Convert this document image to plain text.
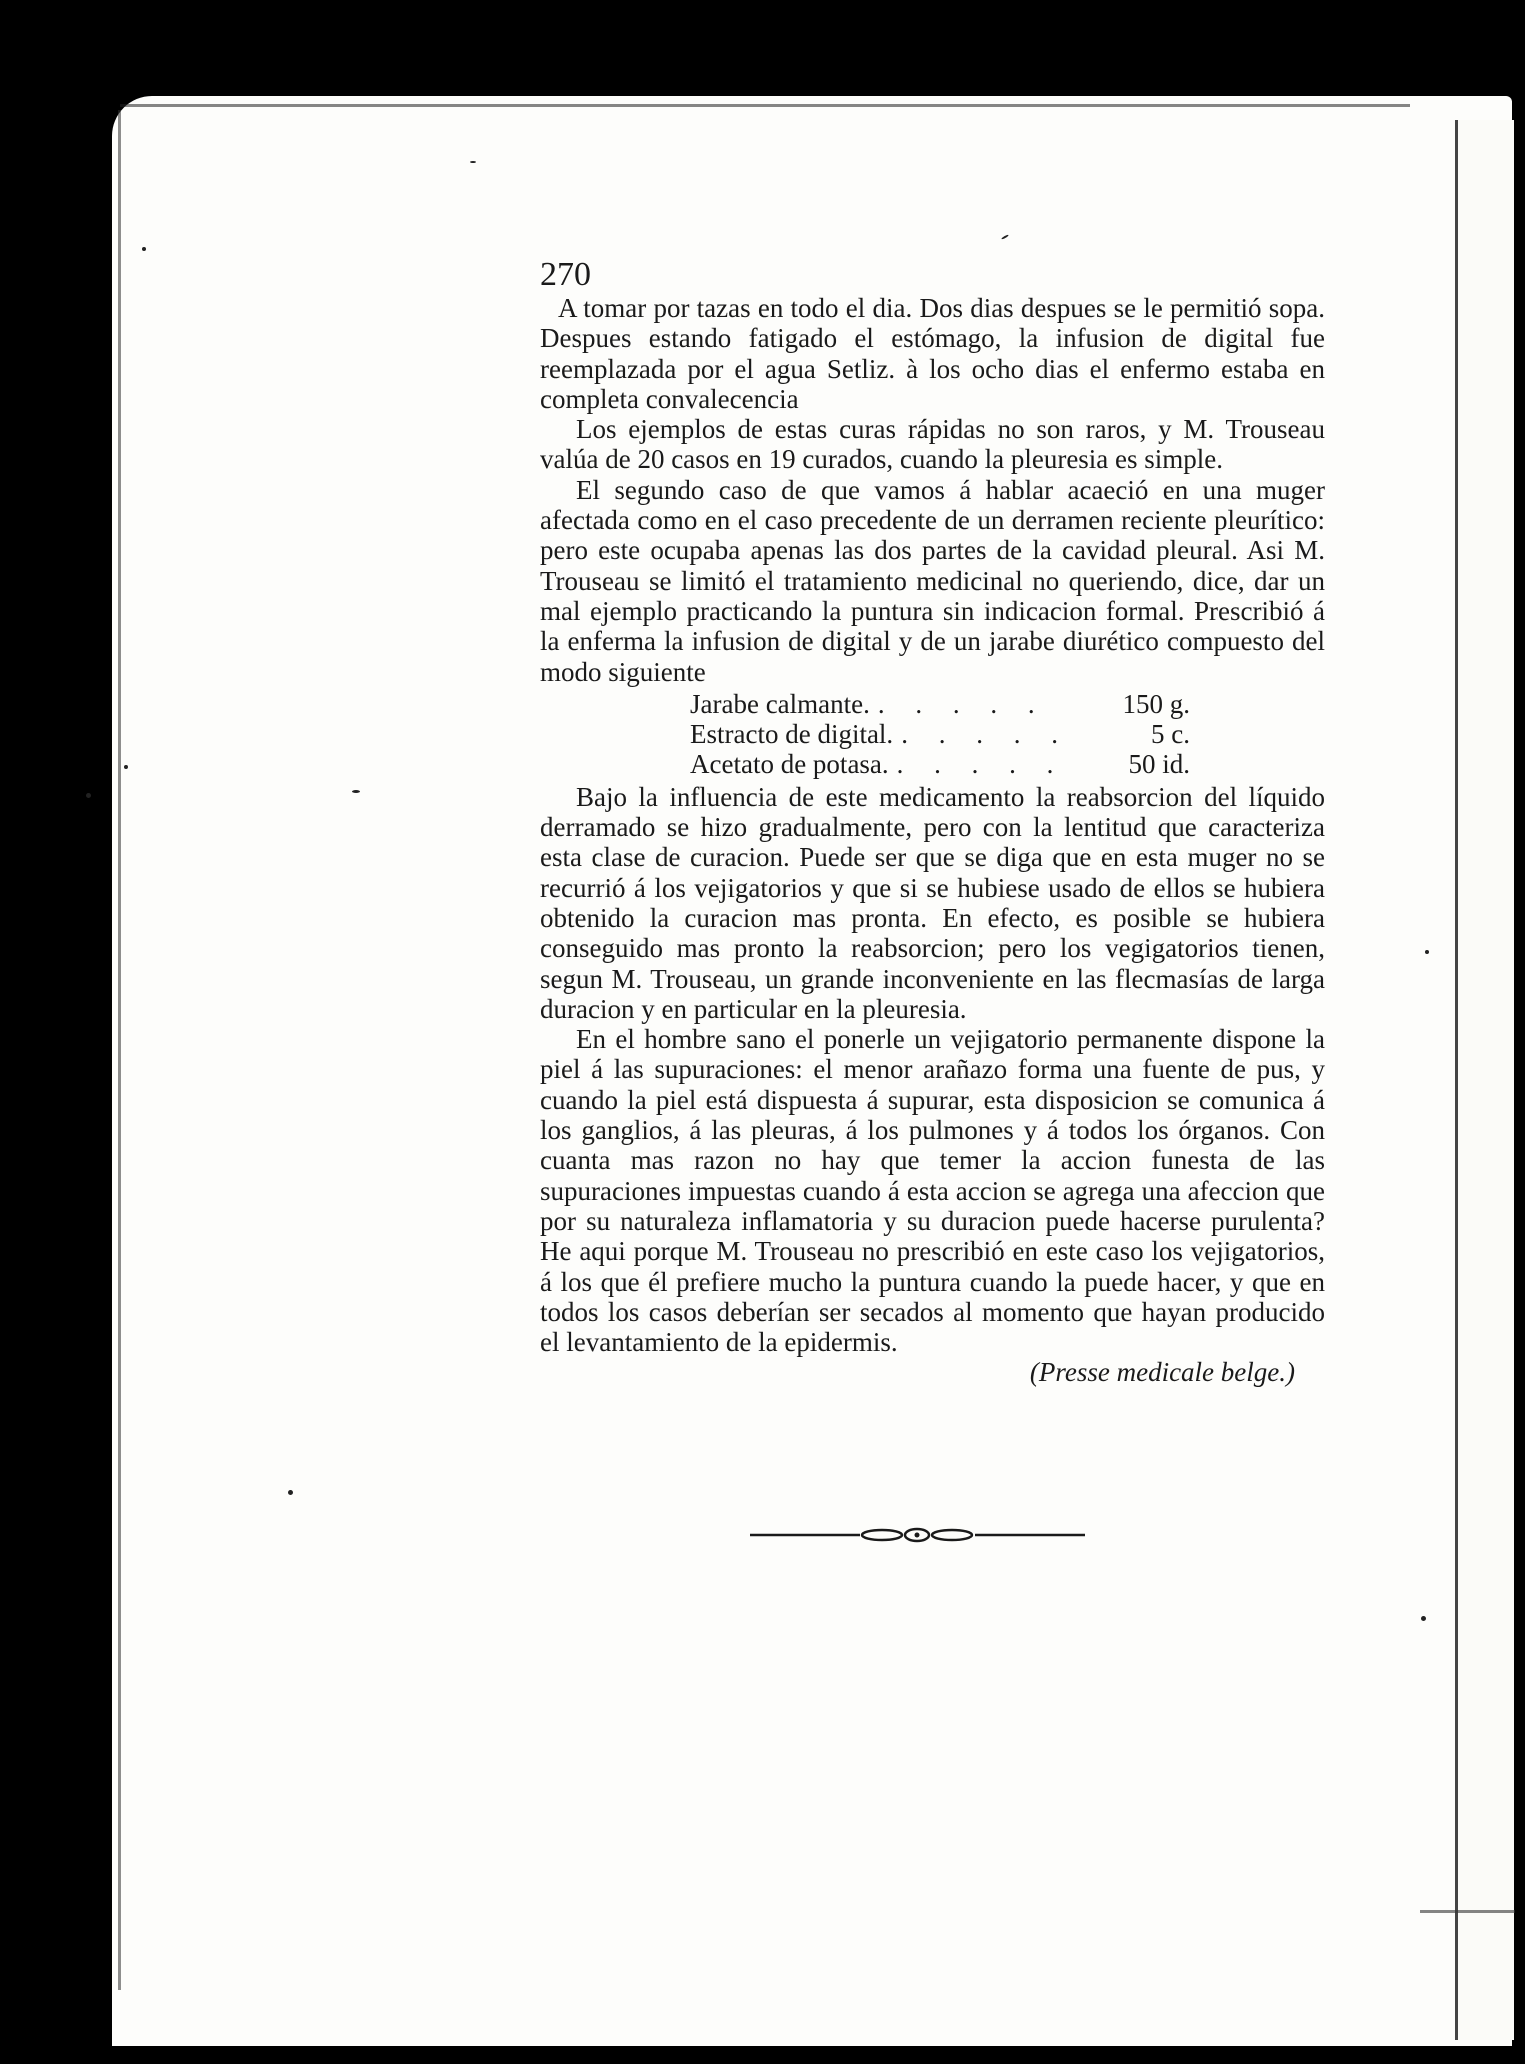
270

A tomar por tazas en todo el dia. Dos dias despues se le permitió sopa. Despues estando fatigado el estómago, la infusion de digital fue reemplazada por el agua Setliz. à los ocho dias el enfermo estaba en completa convalecencia

Los ejemplos de estas curas rápidas no son raros, y M. Trouseau valúa de 20 casos en 19 curados, cuando la pleuresia es simple.

El segundo caso de que vamos á hablar acaeció en una muger afectada como en el caso precedente de un derramen reciente pleurítico: pero este ocupaba apenas las dos partes de la cavidad pleural. Asi M. Trouseau se limitó el tratamiento medicinal no queriendo, dice, dar un mal ejemplo practicando la puntura sin indicacion formal. Prescribió á la enferma la infusion de digital y de un jarabe diurético compuesto del modo siguiente

Jarabe calmante. . . . . .	150 g.
Estracto de digital. . . . . .	5 c.
Acetato de potasa. . . . . .	50 id.

Bajo la influencia de este medicamento la reabsorcion del líquido derramado se hizo gradualmente, pero con la lentitud que caracteriza esta clase de curacion. Puede ser que se diga que en esta muger no se recurrió á los vejigatorios y que si se hubiese usado de ellos se hubiera obtenido la curacion mas pronta. En efecto, es posible se hubiera conseguido mas pronto la reabsorcion; pero los vegigatorios tienen, segun M. Trouseau, un grande inconveniente en las flecmasías de larga duracion y en particular en la pleuresia.

En el hombre sano el ponerle un vejigatorio permanente dispone la piel á las supuraciones: el menor arañazo forma una fuente de pus, y cuando la piel está dispuesta á supurar, esta disposicion se comunica á los ganglios, á las pleuras, á los pulmones y á todos los órganos. Con cuanta mas razon no hay que temer la accion funesta de las supuraciones impuestas cuando á esta accion se agrega una afeccion que por su naturaleza inflamatoria y su duracion puede hacerse purulenta? He aqui porque M. Trouseau no prescribió en este caso los vejigatorios, á los que él prefiere mucho la puntura cuando la puede hacer, y que en todos los casos deberían ser secados al momento que hayan producido el levantamiento de la epidermis.

(Presse medicale belge.)
